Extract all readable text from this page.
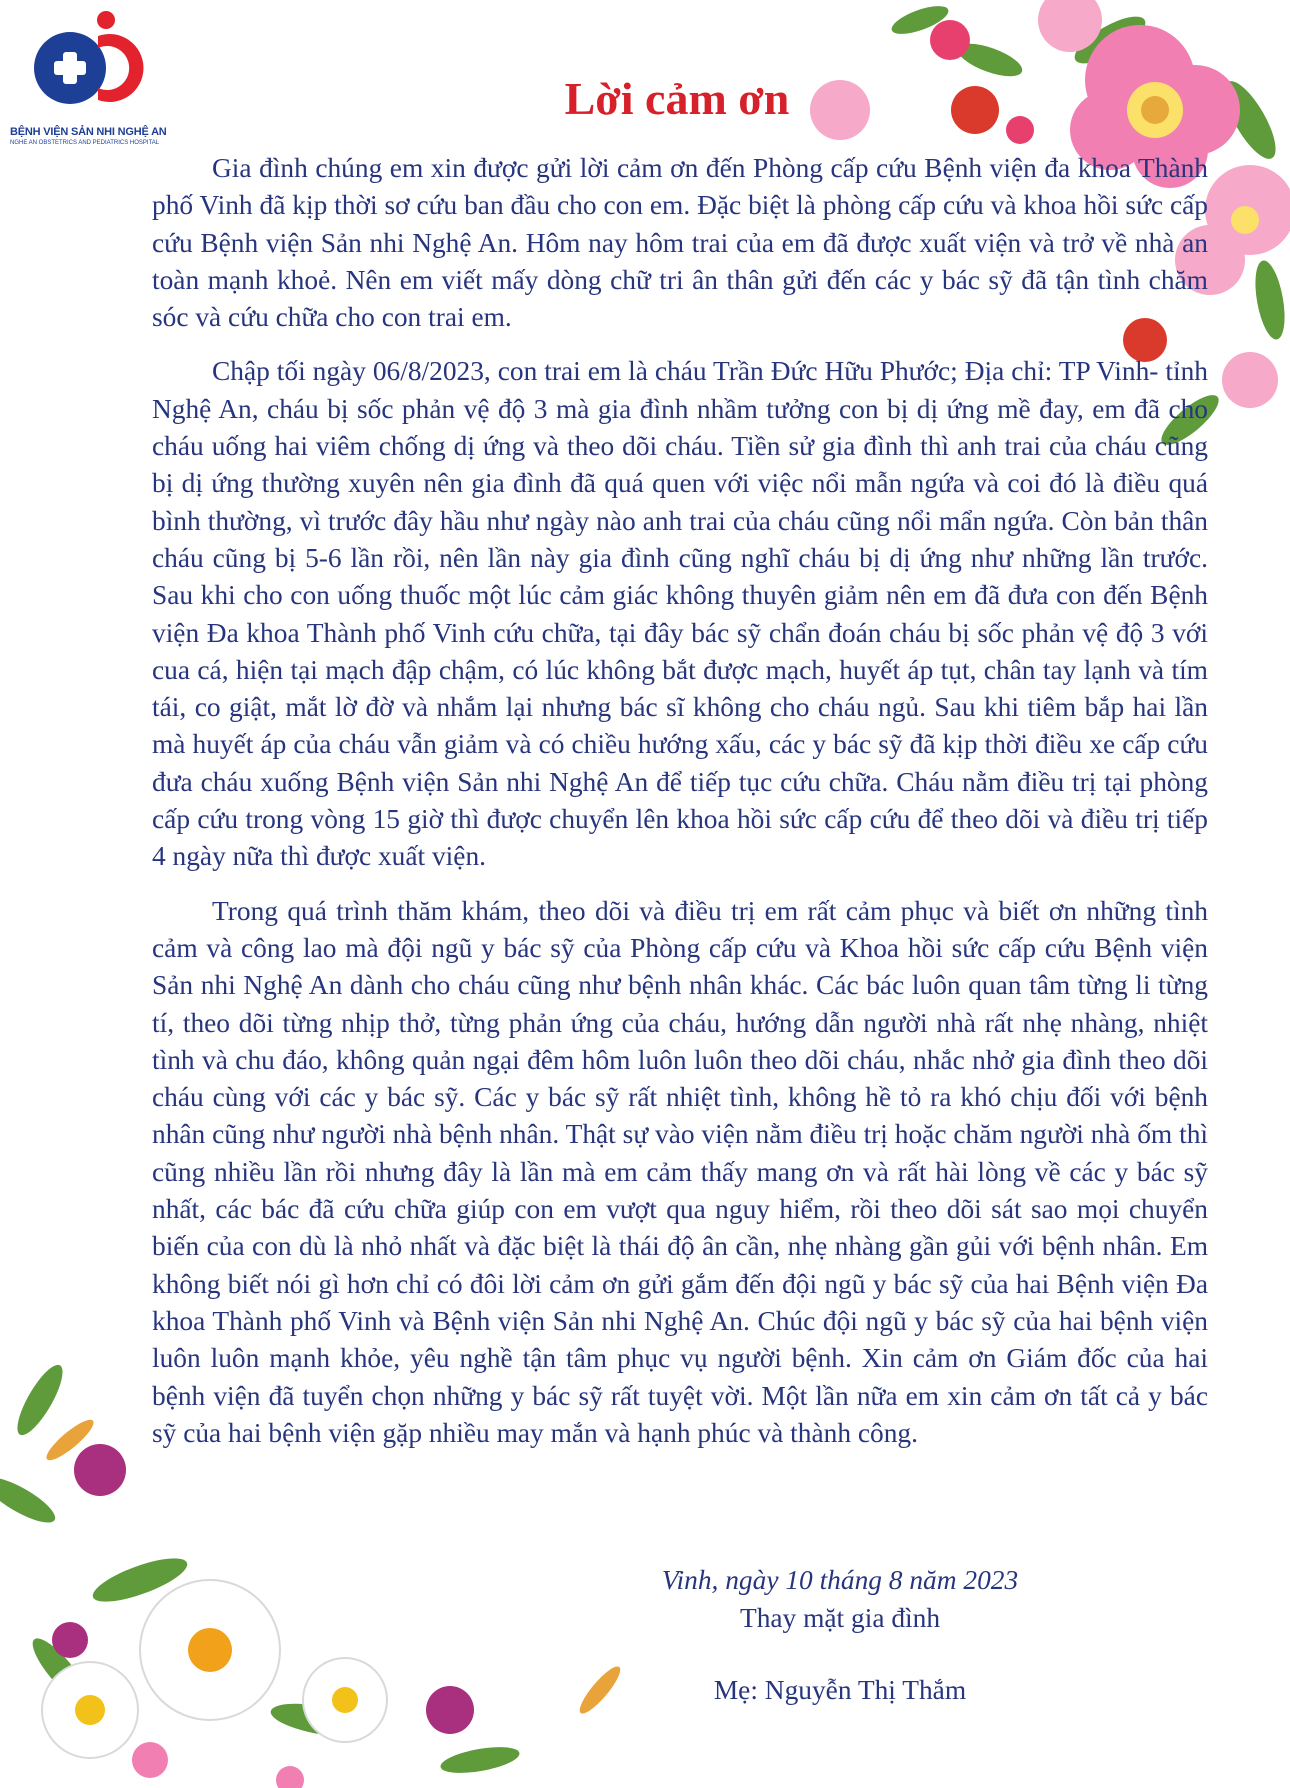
BỆNH VIỆN SẢN NHI NGHỆ AN
NGHE AN OBSTETRICS AND PEDIATRICS HOSPITAL
Lời cảm ơn

Gia đình chúng em xin được gửi lời cảm ơn đến Phòng cấp cứu Bệnh viện đa khoa Thành phố Vinh đã kịp thời sơ cứu ban đầu cho con em. Đặc biệt là phòng cấp cứu và khoa hồi sức cấp cứu Bệnh viện Sản nhi Nghệ An. Hôm nay hôm trai của em đã được xuất viện và trở về nhà an toàn mạnh khoẻ. Nên em viết mấy dòng chữ tri ân thân gửi đến các y bác sỹ đã tận tình chăm sóc và cứu chữa cho con trai em.

Chập tối ngày 06/8/2023, con trai em là cháu Trần Đức Hữu Phước; Địa chỉ: TP Vinh- tỉnh Nghệ An, cháu bị sốc phản vệ độ 3 mà gia đình nhầm tưởng con bị dị ứng mề đay, em đã cho cháu uống hai viêm chống dị ứng và theo dõi cháu. Tiền sử gia đình thì anh trai của cháu cũng bị dị ứng thường xuyên nên gia đình đã quá quen với việc nổi mẫn ngứa và coi đó là điều quá bình thường, vì trước đây hầu như ngày nào anh trai của cháu cũng nổi mẩn ngứa. Còn bản thân cháu cũng bị 5-6 lần rồi, nên lần này gia đình cũng nghĩ cháu bị dị ứng như những lần trước. Sau khi cho con uống thuốc một lúc cảm giác không thuyên giảm nên em đã đưa con đến Bệnh viện Đa khoa Thành phố Vinh cứu chữa, tại đây bác sỹ chẩn đoán cháu bị sốc phản vệ độ 3 với cua cá, hiện tại mạch đập chậm, có lúc không bắt được mạch, huyết áp tụt, chân tay lạnh và tím tái, co giật, mắt lờ đờ và nhắm lại nhưng bác sĩ không cho cháu ngủ. Sau khi tiêm bắp hai lần mà huyết áp của cháu vẫn giảm và có chiều hướng xấu, các y bác sỹ đã kịp thời điều xe cấp cứu đưa cháu xuống Bệnh viện Sản nhi Nghệ An để tiếp tục cứu chữa. Cháu nằm điều trị tại phòng cấp cứu trong vòng 15 giờ thì được chuyển lên khoa hồi sức cấp cứu để theo dõi và điều trị tiếp 4 ngày nữa thì được xuất viện.

Trong quá trình thăm khám, theo dõi và điều trị em rất cảm phục và biết ơn những tình cảm và công lao mà đội ngũ y bác sỹ của Phòng cấp cứu và Khoa hồi sức cấp cứu Bệnh viện Sản nhi Nghệ An dành cho cháu cũng như bệnh nhân khác. Các bác luôn quan tâm từng li từng tí, theo dõi từng nhịp thở, từng phản ứng của cháu, hướng dẫn người nhà rất nhẹ nhàng, nhiệt tình và chu đáo, không quản ngại đêm hôm luôn luôn theo dõi cháu, nhắc nhở gia đình theo dõi cháu cùng với các y bác sỹ. Các y bác sỹ rất nhiệt tình, không hề tỏ ra khó chịu đối với bệnh nhân cũng như người nhà bệnh nhân. Thật sự vào viện nằm điều trị hoặc chăm người nhà ốm thì cũng nhiều lần rồi nhưng đây là lần mà em cảm thấy mang ơn và rất hài lòng về các y bác sỹ nhất, các bác đã cứu chữa giúp con em vượt qua nguy hiểm, rồi theo dõi sát sao mọi chuyển biến của con dù là nhỏ nhất và đặc biệt là thái độ ân cần, nhẹ nhàng gần gủi với bệnh nhân. Em không biết nói gì hơn chỉ có đôi lời cảm ơn gửi gắm đến đội ngũ y bác sỹ của hai Bệnh viện Đa khoa Thành phố Vinh và Bệnh viện Sản nhi Nghệ An. Chúc đội ngũ y bác sỹ của hai bệnh viện luôn luôn mạnh khỏe, yêu nghề tận tâm phục vụ người bệnh. Xin cảm ơn Giám đốc của hai bệnh viện đã tuyển chọn những y bác sỹ rất tuyệt vời. Một lần nữa em xin cảm ơn tất cả y bác sỹ của hai bệnh viện gặp nhiều may mắn và hạnh phúc và thành công.

Vinh, ngày 10 tháng 8 năm 2023

Thay mặt gia đình

Mẹ: Nguyễn Thị Thắm
